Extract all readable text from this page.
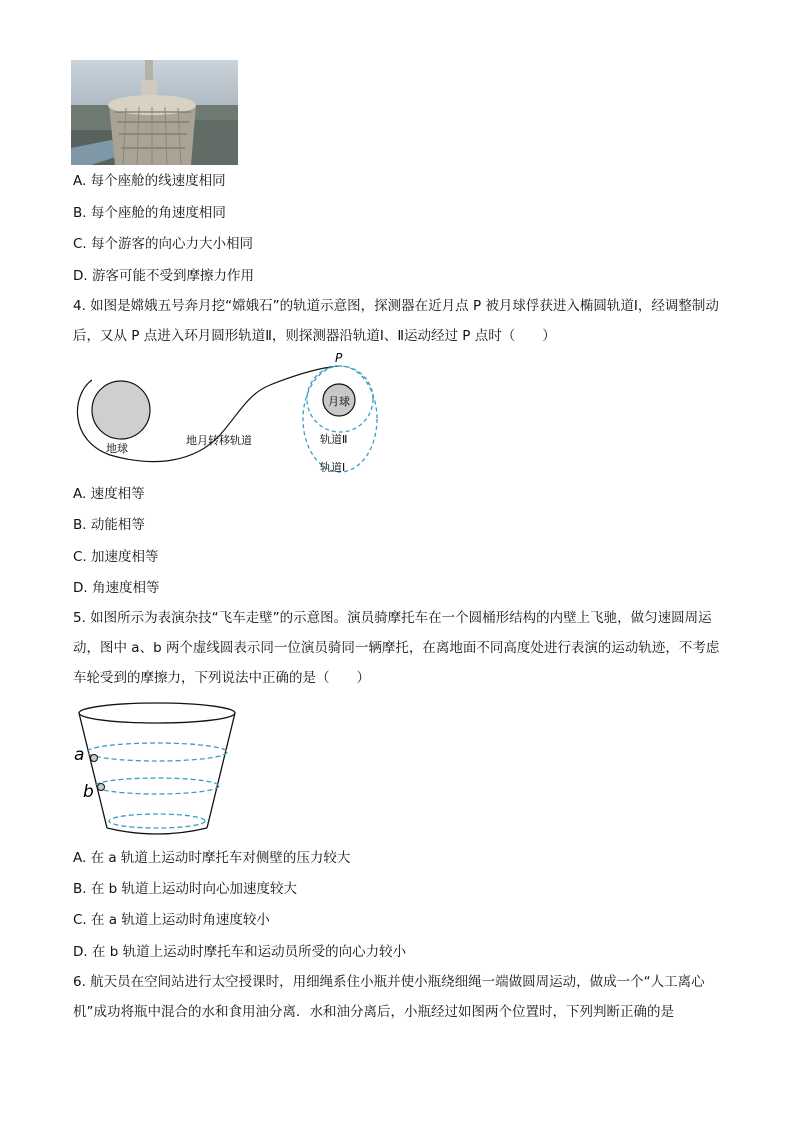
A. 每个座舱的线速度相同
B. 每个座舱的角速度相同
C. 每个游客的向心力大小相同
D. 游客可能不受到摩擦力作用
4. 如图是嫦娥五号奔月挖“嫦娥石”的轨道示意图，探测器在近月点 P 被月球俘获进入椭圆轨道Ⅰ，经调整制动后，又从 P 点进入环月圆形轨道Ⅱ，则探测器沿轨道Ⅰ、Ⅱ运动经过 P 点时（　　）
月球
地球
地月转移轨道	轨道Ⅱ
轨道Ⅰ
P
A. 速度相等
B. 动能相等
C. 加速度相等
D. 角速度相等
5. 如图所示为表演杂技“飞车走壁”的示意图。演员骑摩托车在一个圆桶形结构的内壁上飞驰，做匀速圆周运动，图中 a、b 两个虚线圆表示同一位演员骑同一辆摩托，在离地面不同高度处进行表演的运动轨迹，不考虑车轮受到的摩擦力，下列说法中正确的是（　　）
a
b
A. 在 a 轨道上运动时摩托车对侧壁的压力较大
B. 在 b 轨道上运动时向心加速度较大
C. 在 a 轨道上运动时角速度较小
D. 在 b 轨道上运动时摩托车和运动员所受的向心力较小
6. 航天员在空间站进行太空授课时，用细绳系住小瓶并使小瓶绕细绳一端做圆周运动，做成一个“人工离心机”成功将瓶中混合的水和食用油分离．水和油分离后，小瓶经过如图两个位置时，下列判断正确的是
